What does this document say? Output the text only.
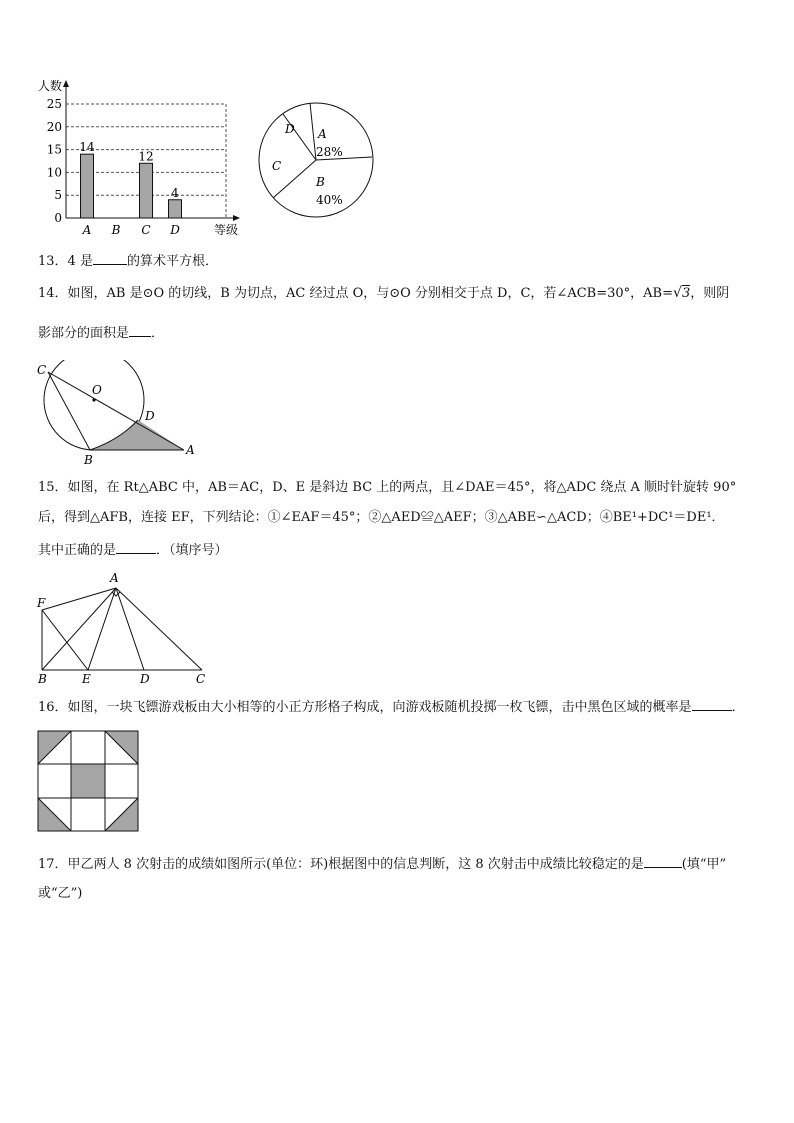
人数
等级
0
5
10
15
20
25
14
A B
12
C
4
D
D A
28%
C
B
40%
13．4 是	的算术平方根．
14．如图，AB 是⊙O 的切线，B 为切点，AC 经过点 O，与⊙O 分别相交于点 D，C，若∠ACB=30°，AB= √ 3，则阴
影部分的面积是 ．
C
O
D
A
B
15．如图，在 Rt△ABC 中，AB＝AC，D、E 是斜边 BC 上的两点，且∠DAE＝45°，将△ADC 绕点 A 顺时针旋转 90°
后，得到△AFB，连接 EF，下列结论：①∠EAF＝45°；②△AED≌△AEF；③△ABE∽△ACD；④BE¹+DC¹＝DE¹．
其中正确的是	．（填序号）
A
F
B	E	D	C
16．如图，一块飞镖游戏板由大小相等的小正方形格子构成，向游戏板随机投掷一枚飞镖，击中黑色区域的概率是	．
17．甲乙两人 8 次射击的成绩如图所示(单位：环)根据图中的信息判断，这 8 次射击中成绩比较稳定的是	(填“甲”
或“乙”)
